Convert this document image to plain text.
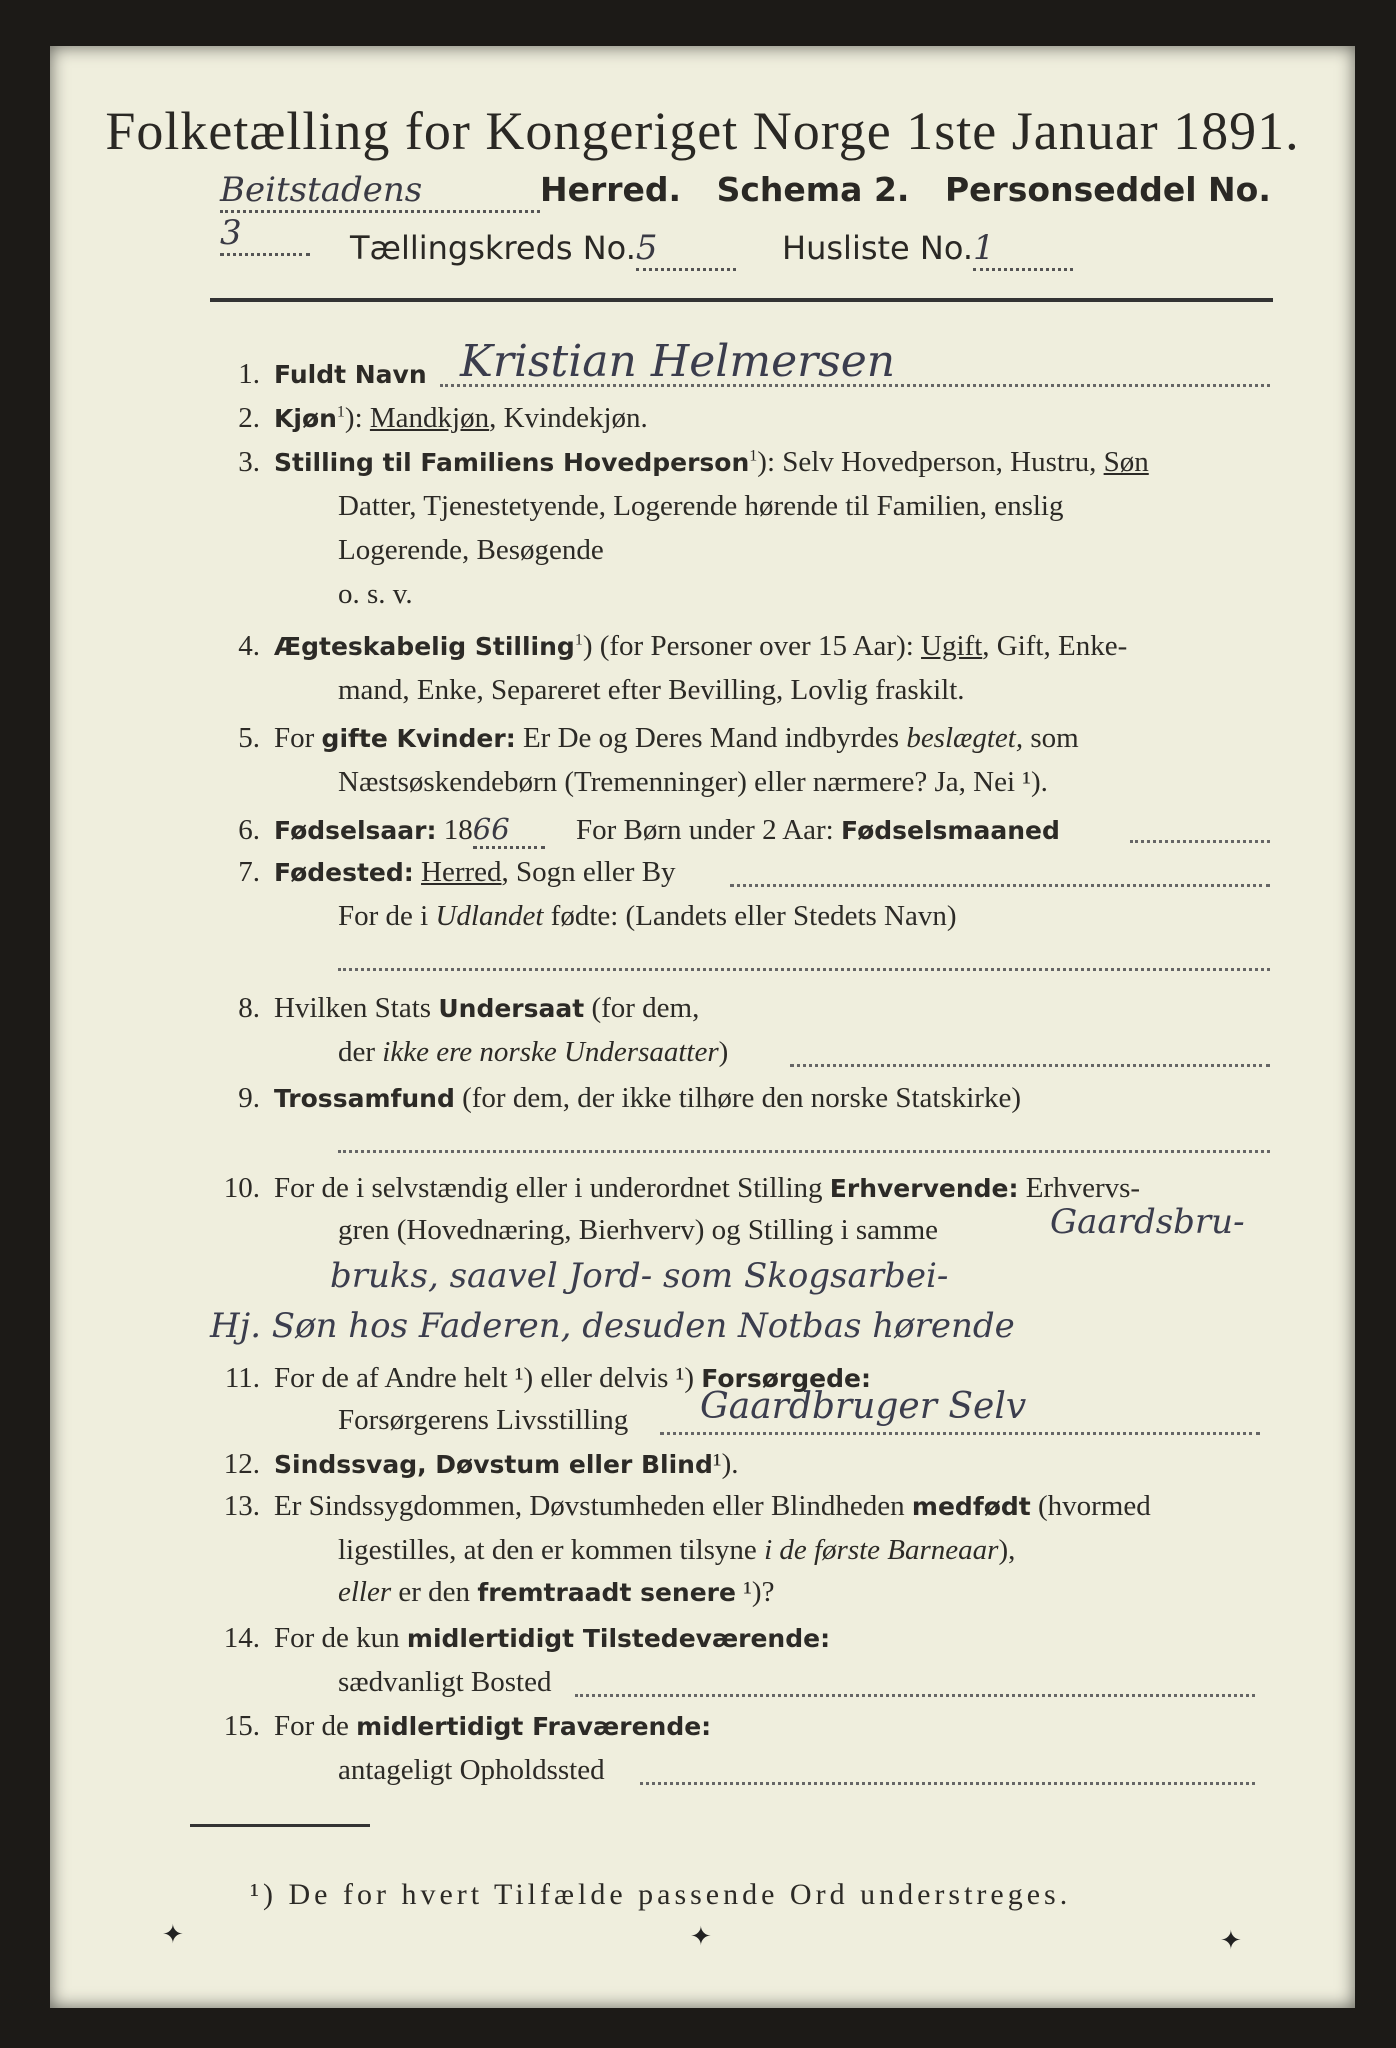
Folketælling for Kongeriget Norge 1ste Januar 1891.
Beitstadens	Herred. Schema 2. Personseddel No.3	Tællingskreds No.5	Husliste No.1
1. Fuldt Navn Kristian Helmersen
2. Kjøn$^1$): Mandkjøn, Kvindekjøn.
3. Stilling til Familiens Hovedperson$^1$): Selv Hovedperson, Hustru, Søn
Datter, Tjenestetyende, Logerende hørende til Familien, enslig
Logerende, Besøgende
o. s. v.
4. Ægteskabelig Stilling$^1$) (for Personer over 15 Aar): Ugift, Gift, Enke-
mand, Enke, Separeret efter Bevilling, Lovlig fraskilt.
5. For gifte Kvinder: Er De og Deres Mand indbyrdes beslægtet, som
Næstsøskendebørn (Tremenninger) eller nærmere? Ja, Nei ¹).
6. Fødselsaar: 1866 For Børn under 2 Aar: Fødselsmaaned
7. Fødested: Herred, Sogn eller By
For de i Udlandet fødte: (Landets eller Stedets Navn)
8. Hvilken Stats Undersaat (for dem,
der ikke ere norske Undersaatter)
9. Trossamfund (for dem, der ikke tilhøre den norske Statskirke)
10. For de i selvstændig eller i underordnet Stilling Erhvervende: Erhvervs-
gren (Hovednæring, Bierhverv) og Stilling i samme	Gaardsbru-
bruks, saavel Jord- som Skogsarbei-
Hj. Søn hos Faderen, desuden Notbas hørende
11. For de af Andre helt ¹) eller delvis ¹) Forsørgede:
Forsørgerens Livsstilling Gaardbruger Selv
12. Sindssvag, Døvstum eller Blind¹).
13. Er Sindssygdommen, Døvstumheden eller Blindheden medfødt (hvormed
ligestilles, at den er kommen tilsyne i de første Barneaar),
eller er den fremtraadt senere ¹)?
14. For de kun midlertidigt Tilstedeværende:
sædvanligt Bosted
15. For de midlertidigt Fraværende:
antageligt Opholdssted
¹) De for hvert Tilfælde passende Ord understreges.
✦	✦	✦
